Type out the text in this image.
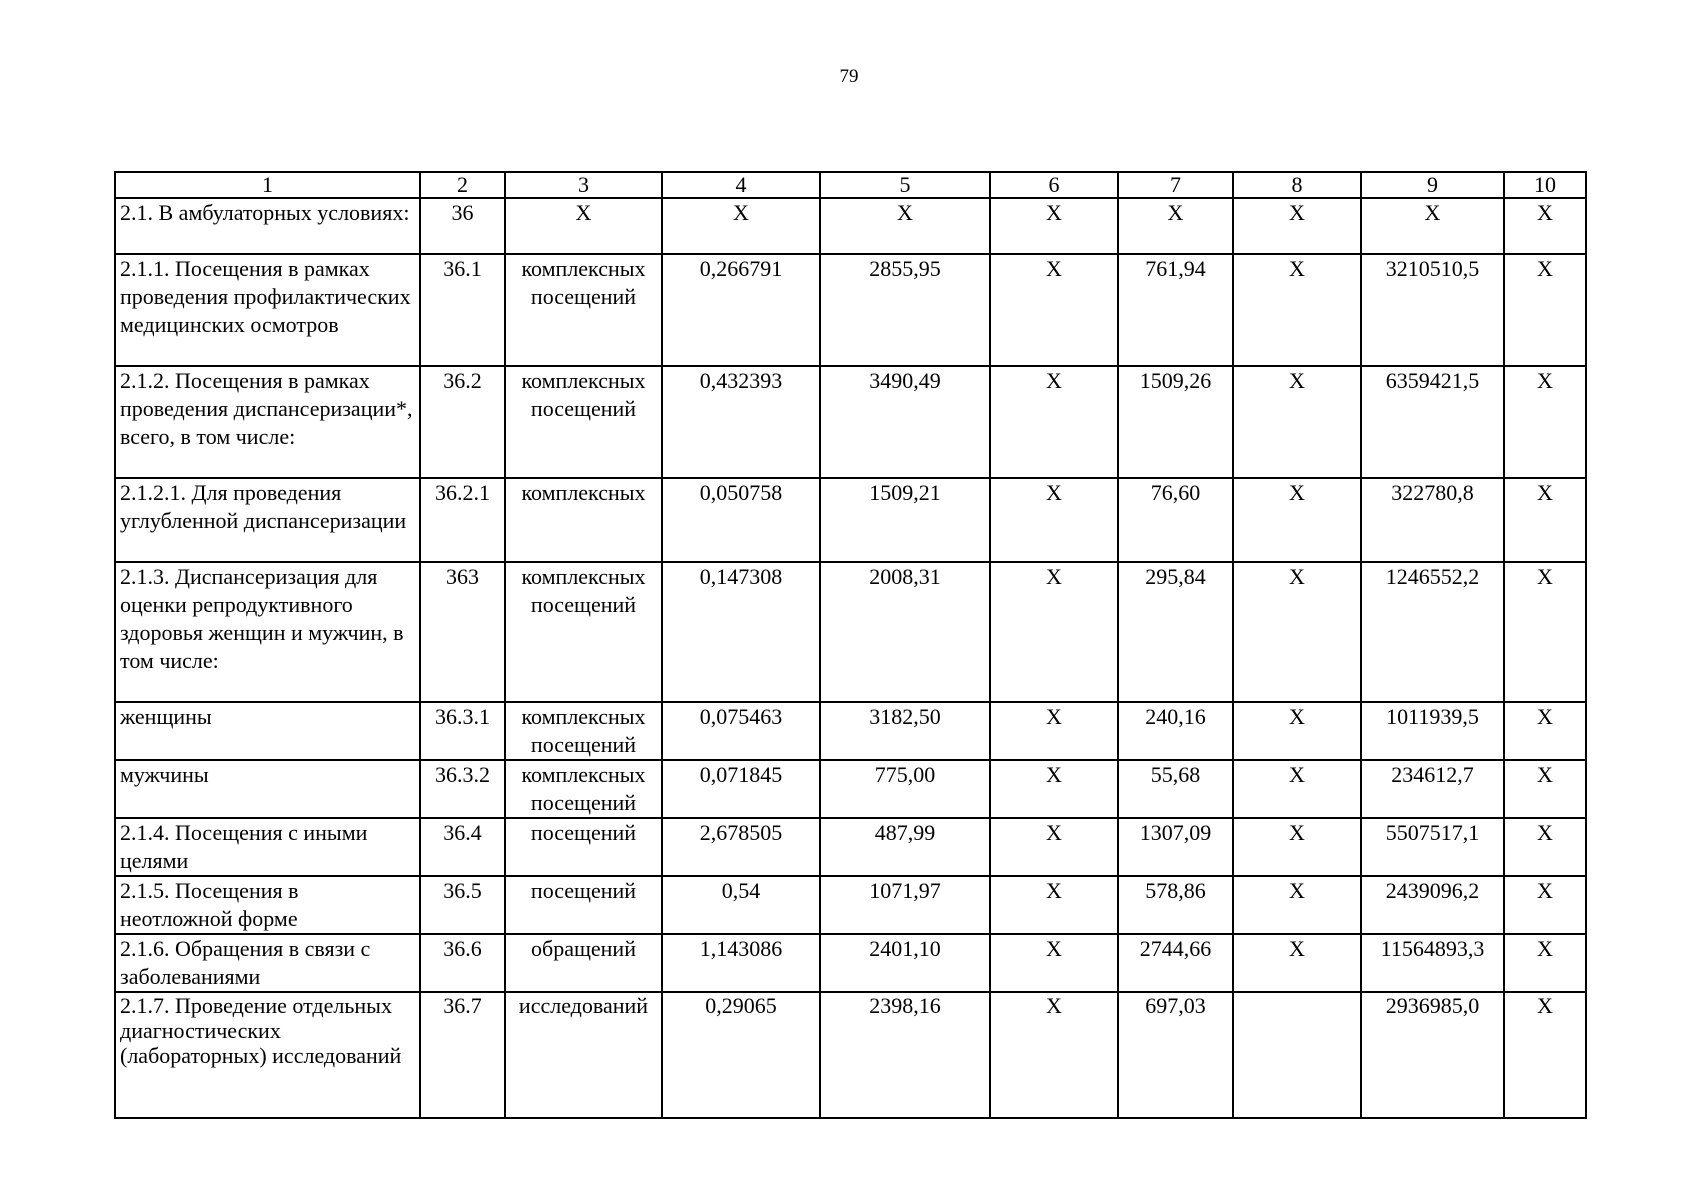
79
1	2	3	4	5	6	7	8	9	10
2.1. В амбулаторных условиях:	36	Х	Х	Х	Х	Х	Х	Х	Х
2.1.1. Посещения в рамках проведения профилактических медицинских осмотров	36.1	комплексных посещений	0,266791	2855,95	Х	761,94	Х	3210510,5	Х
2.1.2. Посещения в рамках проведения диспансеризации*, всего, в том числе:	36.2	комплексных посещений	0,432393	3490,49	Х	1509,26	Х	6359421,5	Х
2.1.2.1. Для проведения углубленной диспансеризации	36.2.1	комплексных	0,050758	1509,21	Х	76,60	Х	322780,8	Х
2.1.3. Диспансеризация для оценки репродуктивного здоровья женщин и мужчин, в том числе:	363	комплексных посещений	0,147308	2008,31	Х	295,84	Х	1246552,2	Х
женщины	36.3.1	комплексных посещений	0,075463	3182,50	Х	240,16	Х	1011939,5	Х
мужчины	36.3.2	комплексных посещений	0,071845	775,00	Х	55,68	Х	234612,7	Х
2.1.4. Посещения с иными целями	36.4	посещений	2,678505	487,99	Х	1307,09	Х	5507517,1	Х
2.1.5. Посещения в неотложной форме	36.5	посещений	0,54	1071,97	Х	578,86	Х	2439096,2	Х
2.1.6. Обращения в связи с заболеваниями	36.6	обращений	1,143086	2401,10	Х	2744,66	Х	11564893,3	Х
2.1.7. Проведение отдельных диагностических (лабораторных) исследований	36.7	исследований	0,29065	2398,16	Х	697,03		2936985,0	Х
